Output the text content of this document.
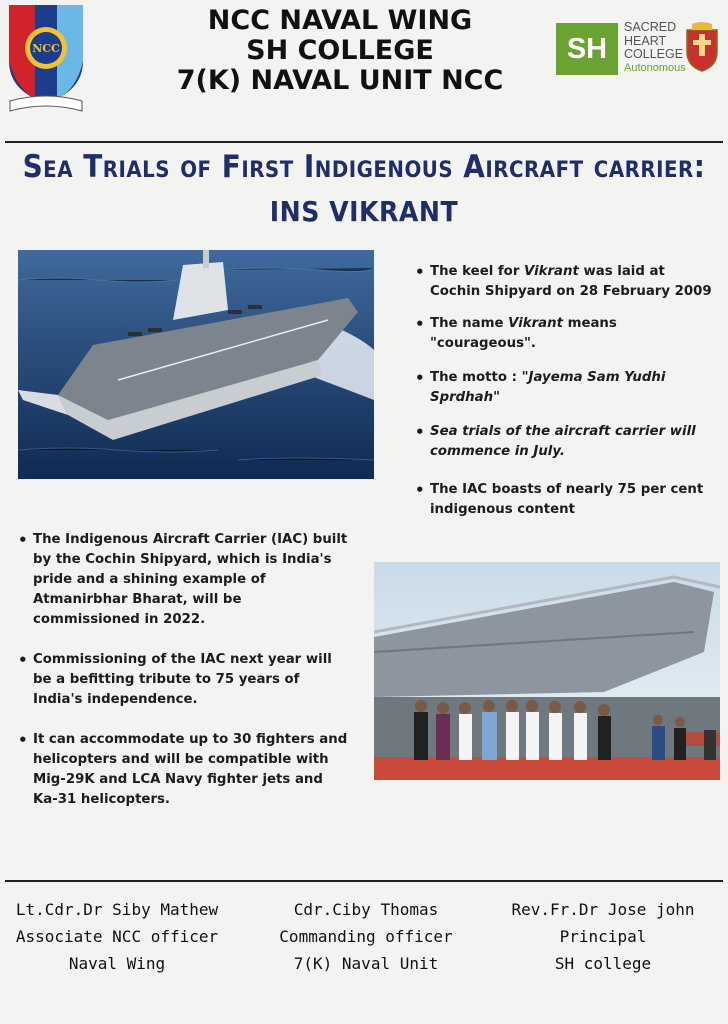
NCC
NCC NAVAL WING
SH COLLEGE
7(K) NAVAL UNIT NCC
SH
SACRED
HEART
COLLEGE
Autonomous
Sea Trials of First Indigenous Aircraft carrier:
INS VIKRANT
• The keel for Vikrant was laid at Cochin Shipyard on 28 February 2009
• The name Vikrant means "courageous".
• The motto : "Jayema Sam Yudhi Sprdhah"
• Sea trials of the aircraft carrier will commence in July.
• The IAC boasts of nearly 75 per cent indigenous content
• The Indigenous Aircraft Carrier (IAC) built by the Cochin Shipyard, which is India's pride and a shining example of Atmanirbhar Bharat, will be commissioned in 2022.
• Commissioning of the IAC next year will be a befitting tribute to 75 years of India's independence.
• It can accommodate up to 30 fighters and helicopters and will be compatible with Mig-29K and LCA Navy fighter jets and Ka-31 helicopters.
Lt.Cdr.Dr Siby Mathew
Associate NCC officer
Naval Wing
Cdr.Ciby Thomas
Commanding officer
7(K) Naval Unit
Rev.Fr.Dr Jose john
Principal
SH college
